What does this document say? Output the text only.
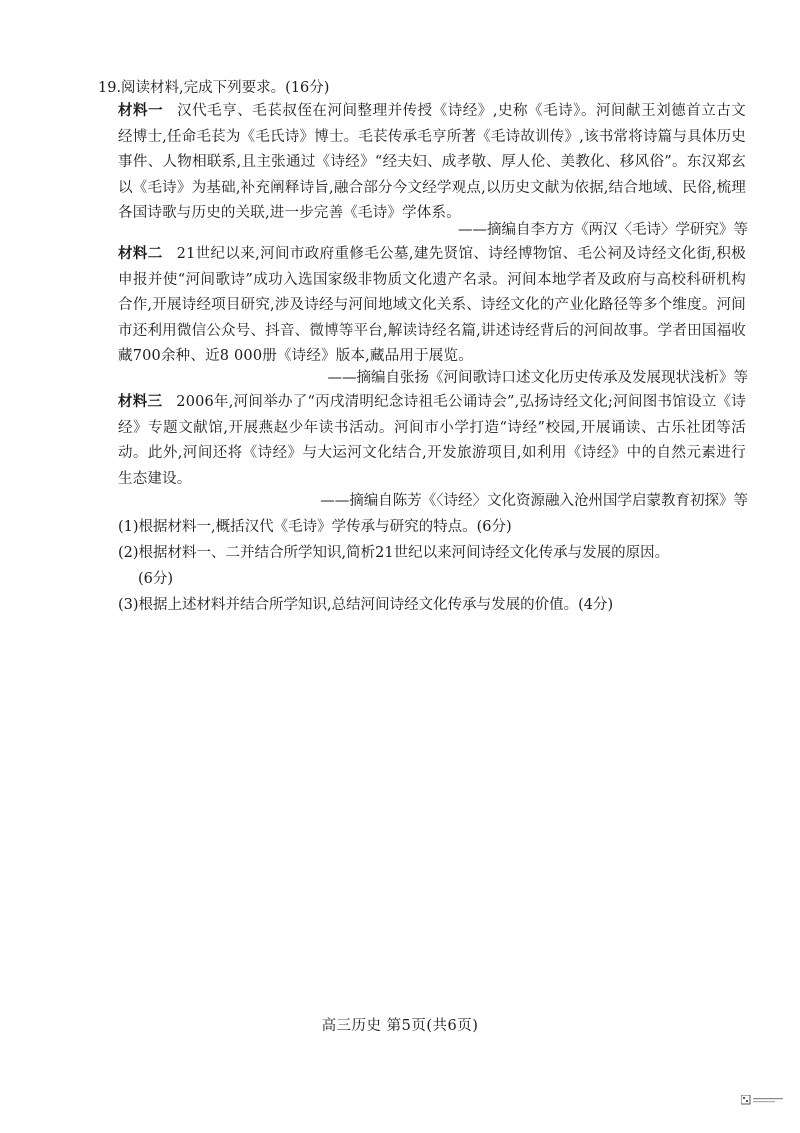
19.阅读材料,完成下列要求。(16分)

材料一 汉代毛亨、毛苌叔侄在河间整理并传授《诗经》,史称《毛诗》。河间献王刘德首立古文经博士,任命毛苌为《毛氏诗》博士。毛苌传承毛亨所著《毛诗故训传》,该书常将诗篇与具体历史事件、人物相联系,且主张通过《诗经》“经夫妇、成孝敬、厚人伦、美教化、移风俗”。东汉郑玄以《毛诗》为基础,补充阐释诗旨,融合部分今文经学观点,以历史文献为依据,结合地域、民俗,梳理各国诗歌与历史的关联,进一步完善《毛诗》学体系。

——摘编自李方方《两汉〈毛诗〉学研究》等

材料二 21世纪以来,河间市政府重修毛公墓,建先贤馆、诗经博物馆、毛公祠及诗经文化街,积极申报并使“河间歌诗”成功入选国家级非物质文化遗产名录。河间本地学者及政府与高校科研机构合作,开展诗经项目研究,涉及诗经与河间地域文化关系、诗经文化的产业化路径等多个维度。河间市还利用微信公众号、抖音、微博等平台,解读诗经名篇,讲述诗经背后的河间故事。学者田国福收藏700余种、近8 000册《诗经》版本,藏品用于展览。

——摘编自张扬《河间歌诗口述文化历史传承及发展现状浅析》等

材料三 2006年,河间举办了“丙戌清明纪念诗祖毛公诵诗会”,弘扬诗经文化;河间图书馆设立《诗经》专题文献馆,开展燕赵少年读书活动。河间市小学打造“诗经”校园,开展诵读、古乐社团等活动。此外,河间还将《诗经》与大运河文化结合,开发旅游项目,如利用《诗经》中的自然元素进行生态建设。

——摘编自陈芳《〈诗经〉文化资源融入沧州国学启蒙教育初探》等

(1)根据材料一,概括汉代《毛诗》学传承与研究的特点。(6分)

(2)根据材料一、二并结合所学知识,简析21世纪以来河间诗经文化传承与发展的原因。

(6分)

(3)根据上述材料并结合所学知识,总结河间诗经文化传承与发展的价值。(4分)

高三历史 第5页(共6页)
